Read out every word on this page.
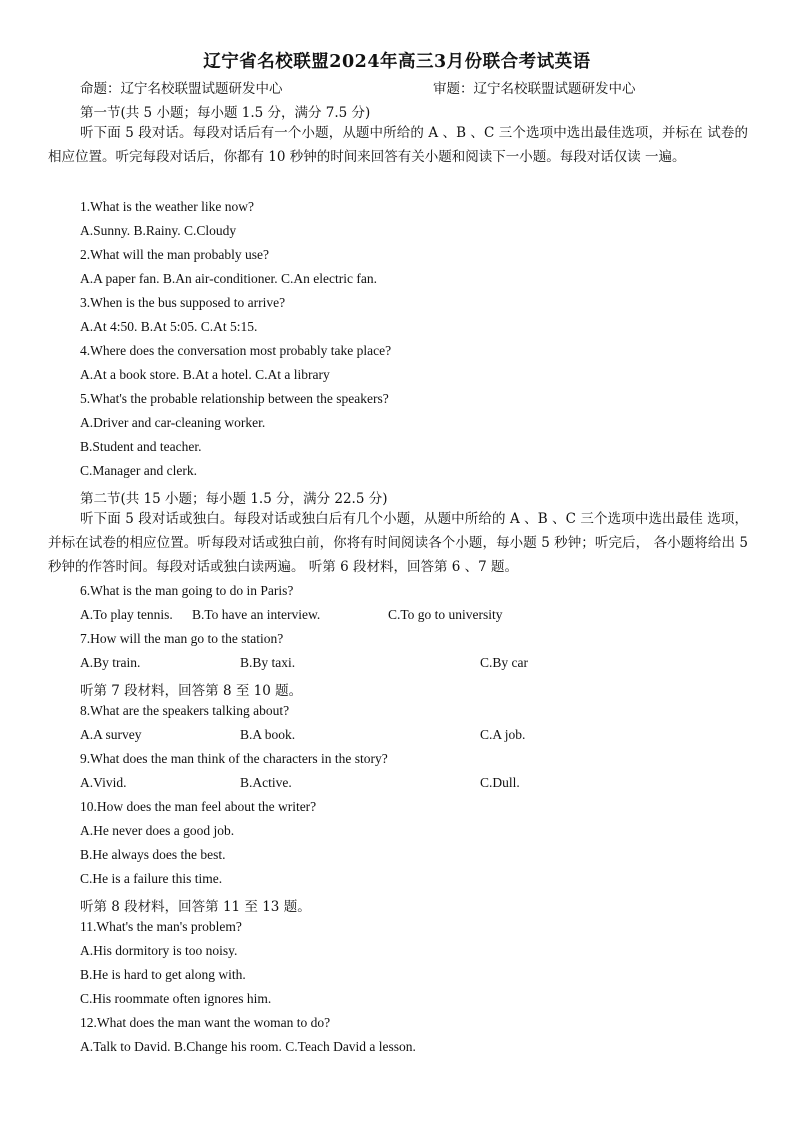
辽宁省名校联盟2024年高三3月份联合考试英语
命题：辽宁名校联盟试题研发中心	审题：辽宁名校联盟试题研发中心
第一节(共 5 小题；每小题 1.5 分，满分 7.5 分)
听下面 5 段对话。每段对话后有一个小题，从题中所给的 A 、B 、C 三个选项中选出最佳选项，并标在 试卷的相应位置。听完每段对话后，你都有 10 秒钟的时间来回答有关小题和阅读下一小题。每段对话仅读 一遍。
1.What is the weather like now?
A.Sunny. B.Rainy. C.Cloudy
2.What will the man probably use?
A.A paper fan. B.An air-conditioner. C.An electric fan.
3.When is the bus supposed to arrive?
A.At 4:50. B.At 5:05. C.At 5:15.
4.Where does the conversation most probably take place?
A.At a book store. B.At a hotel. C.At a library
5.What's the probable relationship between the speakers?
A.Driver and car-cleaning worker.
B.Student and teacher.
C.Manager and clerk.
第二节(共 15 小题；每小题 1.5 分，满分 22.5 分)
听下面 5 段对话或独白。每段对话或独白后有几个小题，从题中所给的 A 、B 、C 三个选项中选出最佳 选项，并标在试卷的相应位置。听每段对话或独白前，你将有时间阅读各个小题，每小题 5 秒钟；听完后， 各小题将给出 5 秒钟的作答时间。每段对话或独白读两遍。 听第 6 段材料，回答第 6 、7 题。
6.What is the man going to do in Paris?
A.To play tennis. B.To have an interview.	C.To go to university
7.How will the man go to the station?
A.By train.	B.By taxi.	C.By car
听第 7 段材料，回答第 8 至 10 题。
8.What are the speakers talking about?
A.A survey	B.A book.	C.A job.
9.What does the man think of the characters in the story?
A.Vivid.	B.Active.	C.Dull.
10.How does the man feel about the writer?
A.He never does a good job.
B.He always does the best.
C.He is a failure this time.
听第 8 段材料，回答第 11 至 13 题。
11.What's the man's problem?
A.His dormitory is too noisy.
B.He is hard to get along with.
C.His roommate often ignores him.
12.What does the man want the woman to do?
A.Talk to David. B.Change his room. C.Teach David a lesson.
